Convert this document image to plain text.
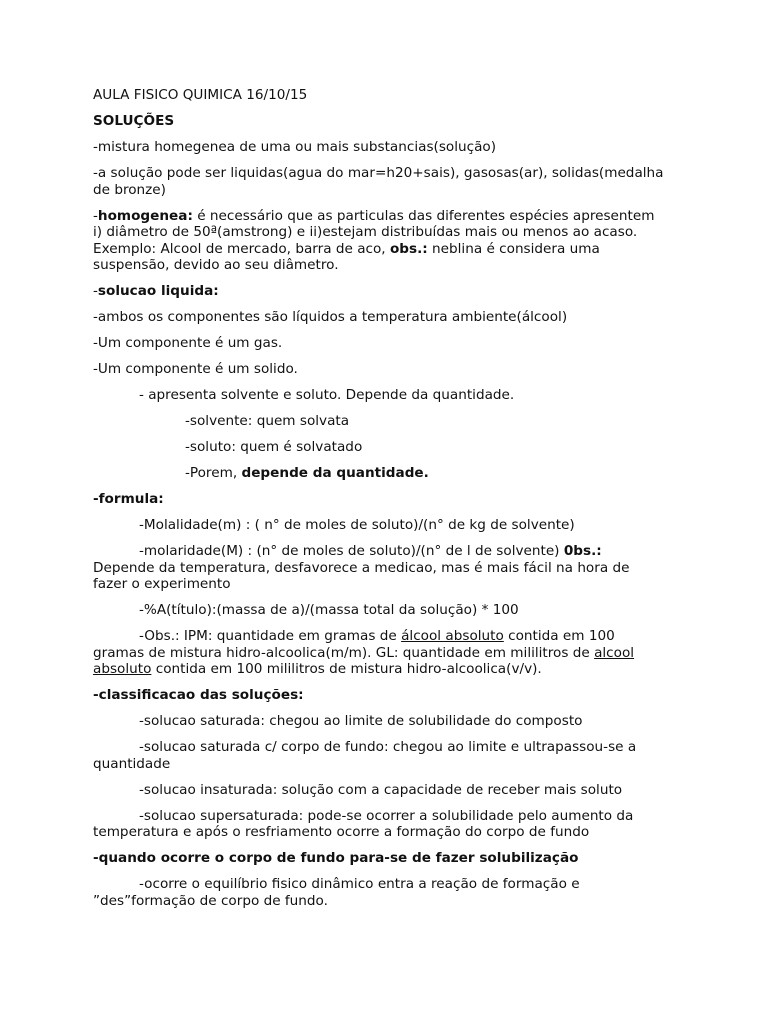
AULA FISICO QUIMICA 16/10/15

SOLUÇÕES

-mistura homegenea de uma ou mais substancias(solução)

-a solução pode ser liquidas(agua do mar=h20+sais), gasosas(ar), solidas(medalha de bronze)

-homogenea: é necessário que as particulas das diferentes espécies apresentem i) diâmetro de 50ª(amstrong) e ii)estejam distribuídas mais ou menos ao acaso. Exemplo: Alcool de mercado, barra de aco, obs.: neblina é considera uma suspensão, devido ao seu diâmetro.

-solucao liquida:

-ambos os componentes são líquidos a temperatura ambiente(álcool)

-Um componente é um gas.

-Um componente é um solido.

- apresenta solvente e soluto. Depende da quantidade.

-solvente: quem solvata

-soluto: quem é solvatado

-Porem, depende da quantidade.

-formula:

-Molalidade(m) : ( n° de moles de soluto)/(n° de kg de solvente)

-molaridade(M) : (n° de moles de soluto)/(n° de l de solvente) 0bs.: Depende da temperatura, desfavorece a medicao, mas é mais fácil na hora de fazer o experimento

-%A(título):(massa de a)/(massa total da solução) * 100

-Obs.: IPM: quantidade em gramas de álcool absoluto contida em 100 gramas de mistura hidro-alcoolica(m/m). GL: quantidade em mililitros de alcool absoluto contida em 100 mililitros de mistura hidro-alcoolica(v/v).

-classificacao das soluções:

-solucao saturada: chegou ao limite de solubilidade do composto

-solucao saturada c/ corpo de fundo: chegou ao limite e ultrapassou-se a quantidade

-solucao insaturada: solução com a capacidade de receber mais soluto

-solucao supersaturada: pode-se ocorrer a solubilidade pelo aumento da temperatura e após o resfriamento ocorre a formação do corpo de fundo

-quando ocorre o corpo de fundo para-se de fazer solubilização

-ocorre o equilíbrio fisico dinâmico entra a reação de formação e ”des”formação de corpo de fundo.
